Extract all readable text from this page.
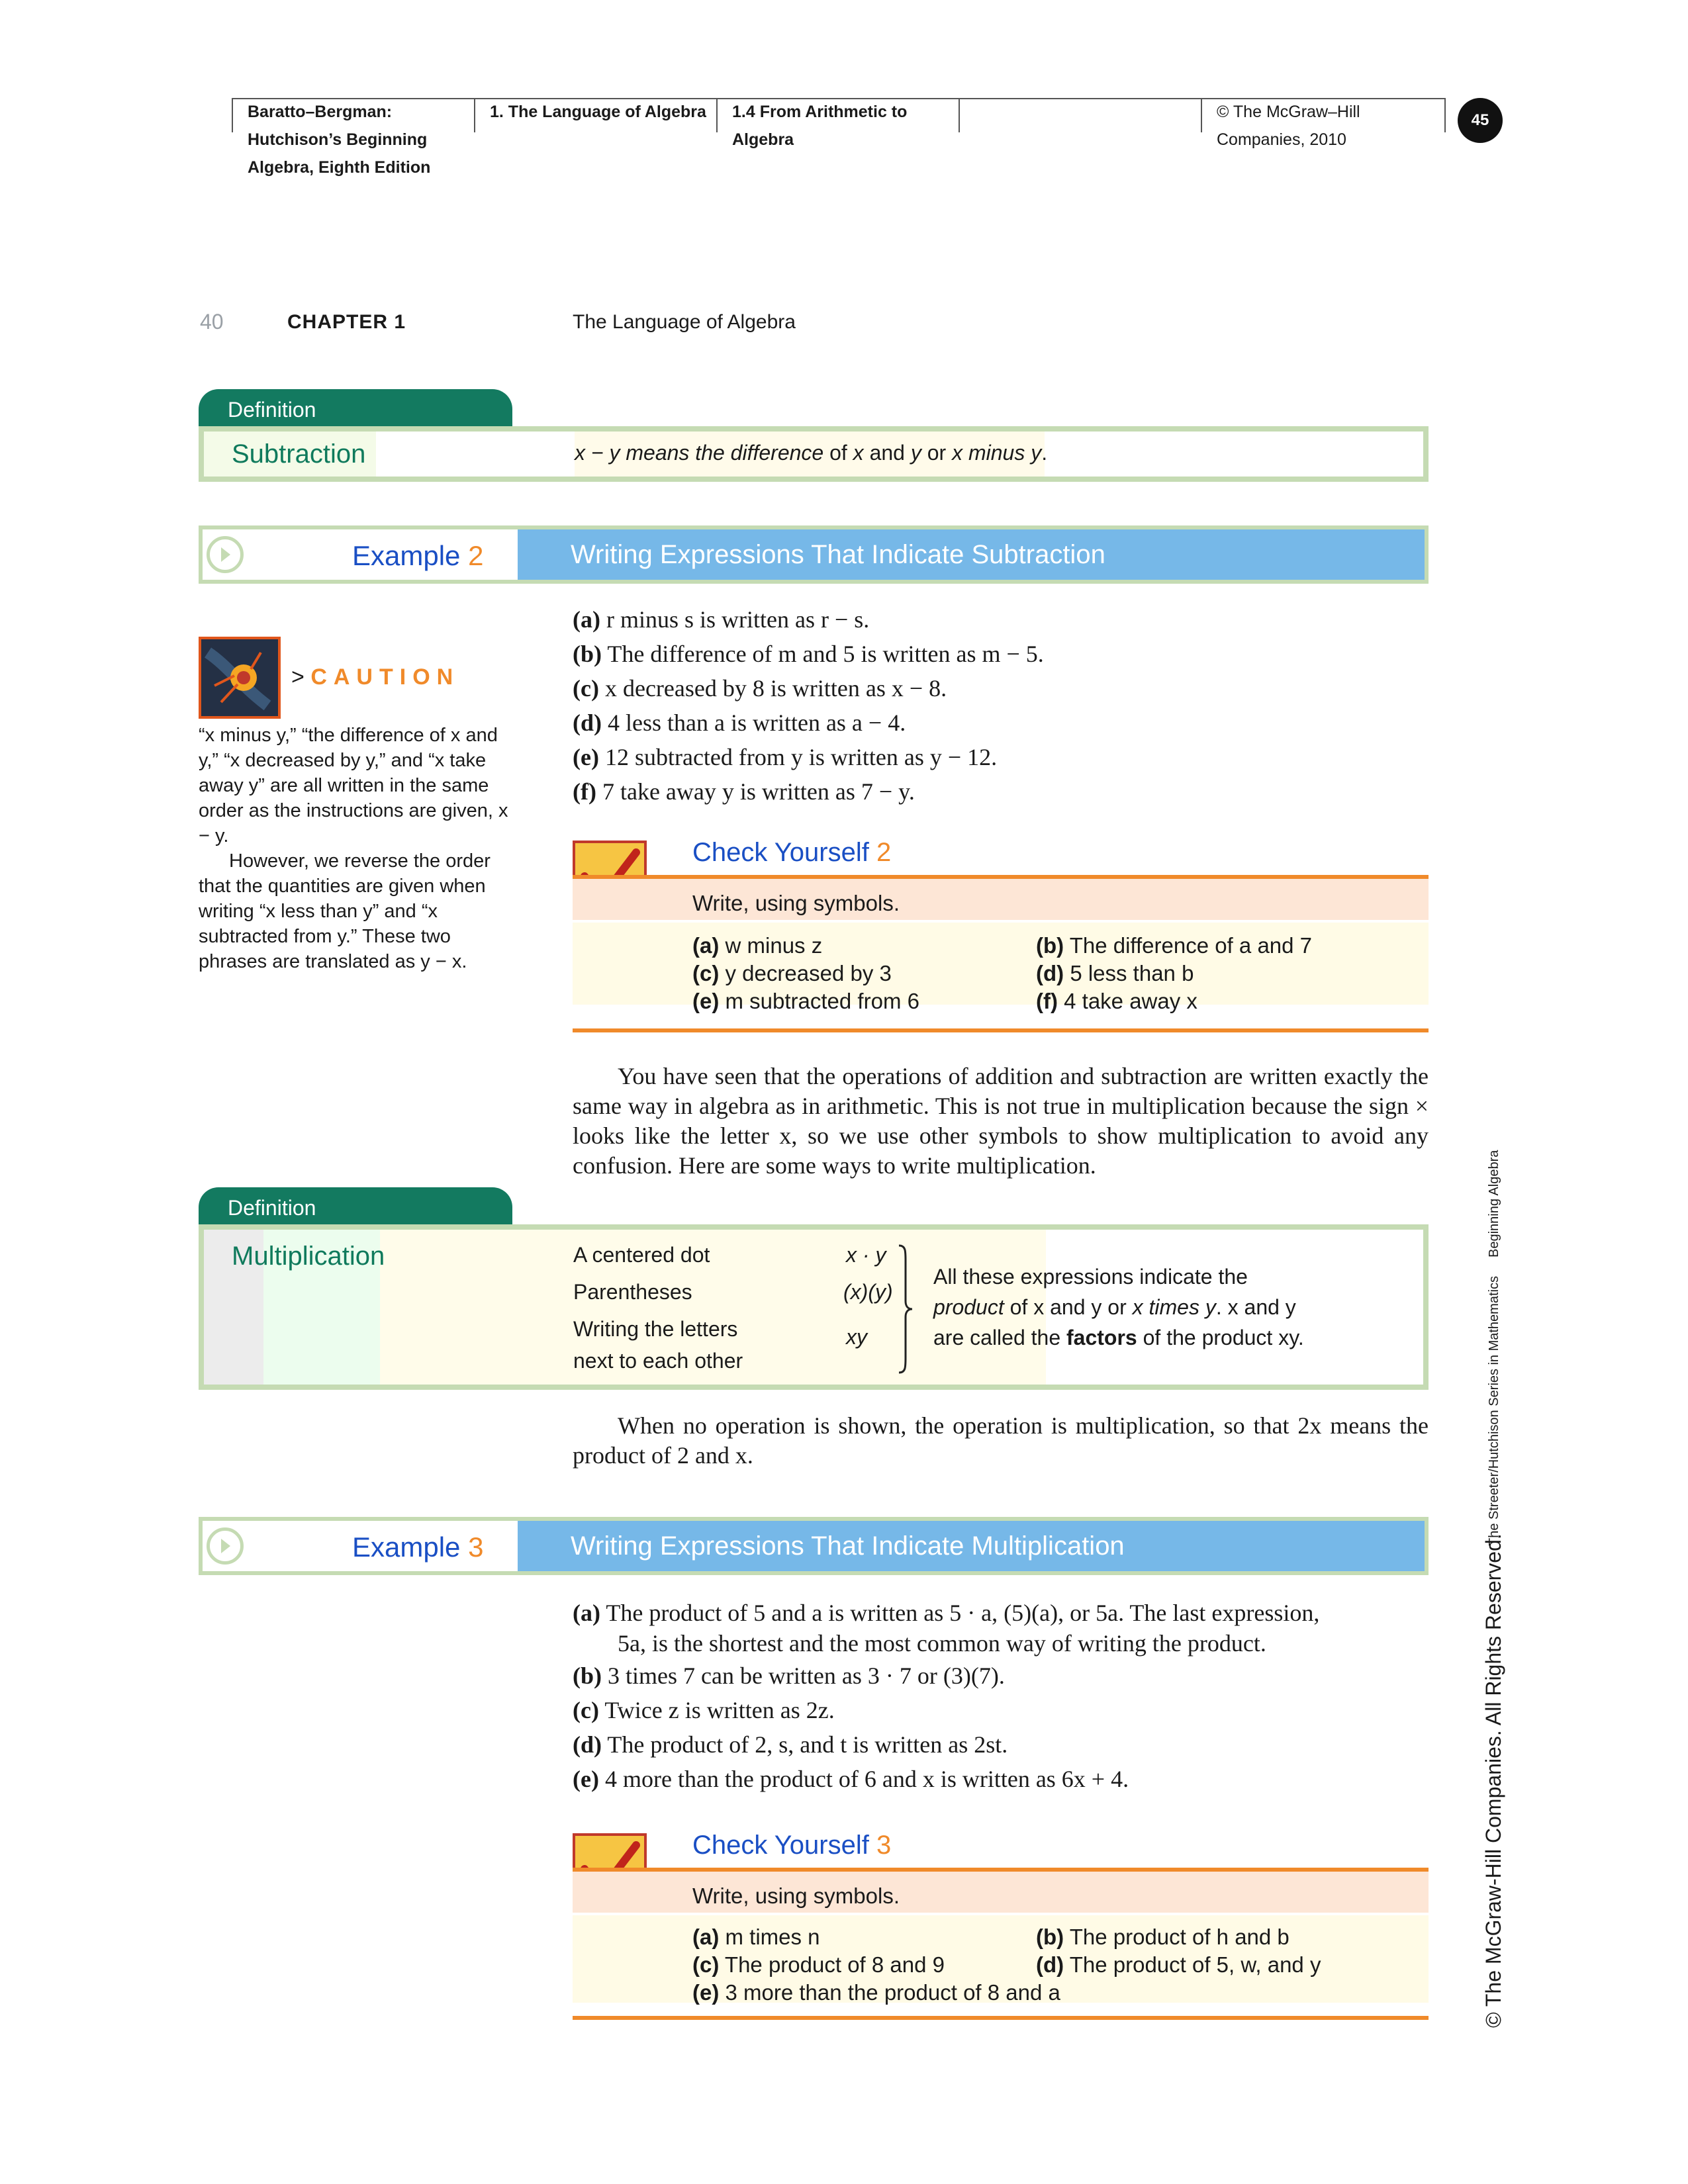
Baratto–Bergman:
Hutchison’s Beginning
Algebra, Eighth Edition
1. The Language of Algebra	1.4 From Arithmetic to
Algebra
© The McGraw–Hill
Companies, 2010
45
40	CHAPTER 1	The Language of Algebra
Definition
Subtraction	x − y means the difference of x and y or x minus y.
Example 2	Writing Expressions That Indicate Subtraction
(a) r minus s is written as r − s.
(b) The difference of m and 5 is written as m − 5.
(c) x decreased by 8 is written as x − 8.
(d) 4 less than a is written as a − 4.
(e) 12 subtracted from y is written as y − 12.
(f) 7 take away y is written as 7 − y.
> CAUTION
“x minus y,” “the difference of x and y,” “x decreased by y,” and “x take away y” are all written in the same order as the instructions are given, x − y.
However, we reverse the order that the quantities are given when writing “x less than y” and “x subtracted from y.” These two phrases are translated as y − x.
Check Yourself 2
Write, using symbols.
(a) w minus z	(b) The difference of a and 7
(c) y decreased by 3	(d) 5 less than b
(e) m subtracted from 6	(f) 4 take away x
You have seen that the operations of addition and subtraction are written exactly the same way in algebra as in arithmetic. This is not true in multiplication because the sign × looks like the letter x, so we use other symbols to show multiplication to avoid any confusion. Here are some ways to write multiplication.
Definition
Multiplication	A centered dot	x · y
Parentheses	(x)(y)
Writing the letters	xy
next to each other
All these expressions indicate the
product of x and y or x times y. x and y
are called the factors of the product xy.
When no operation is shown, the operation is multiplication, so that 2x means the product of 2 and x.
Example 3	Writing Expressions That Indicate Multiplication
(a) The product of 5 and a is written as 5 · a, (5)(a), or 5a. The last expression,
5a, is the shortest and the most common way of writing the product.
(b) 3 times 7 can be written as 3 · 7 or (3)(7).
(c) Twice z is written as 2z.
(d) The product of 2, s, and t is written as 2st.
(e) 4 more than the product of 6 and x is written as 6x + 4.
Check Yourself 3
Write, using symbols.
(a) m times n	(b) The product of h and b
(c) The product of 8 and 9	(d) The product of 5, w, and y
(e) 3 more than the product of 8 and a
Beginning Algebra
The Streeter/Hutchison Series in Mathematics
© The McGraw-Hill Companies. All Rights Reserved.
